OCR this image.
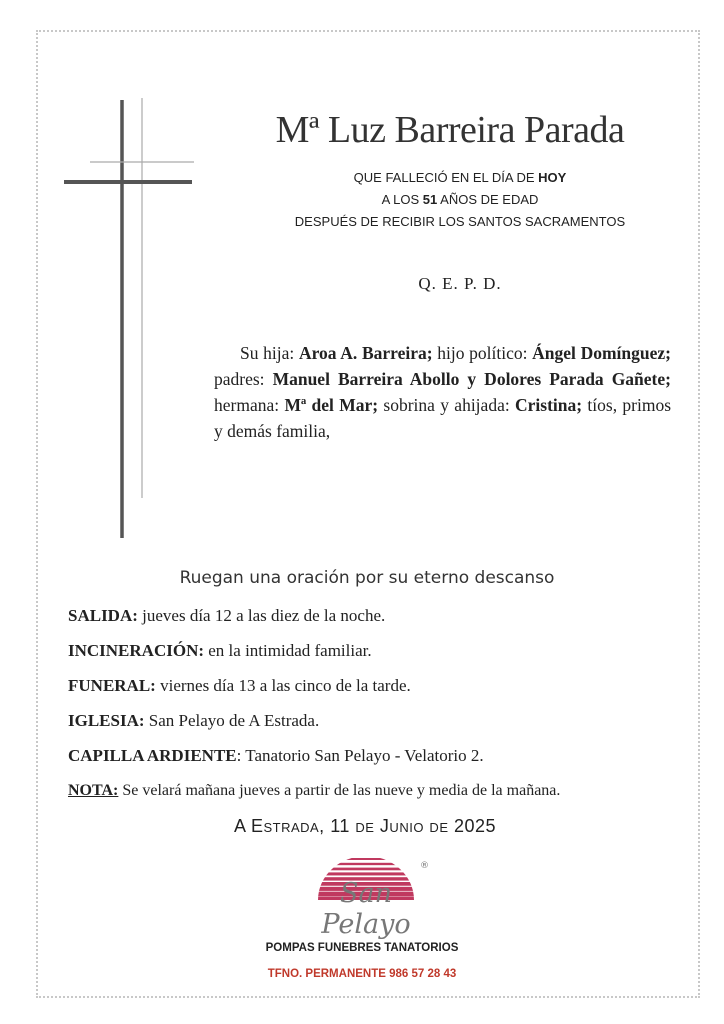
Mª Luz Barreira Parada
QUE FALLECIÓ EN EL DÍA DE HOY
A LOS 51 AÑOS DE EDAD
DESPUÉS DE RECIBIR LOS SANTOS SACRAMENTOS
Q. E. P. D.
Su hija: Aroa A. Barreira; hijo político: Ángel Domínguez; padres: Manuel Barreira Abollo y Dolores Parada Gañete; hermana: Mª del Mar; sobrina y ahijada: Cristina; tíos, primos y demás familia,
Ruegan una oración por su eterno descanso
SALIDA: jueves día 12 a las diez de la noche.
INCINERACIÓN: en la intimidad familiar.
FUNERAL: viernes día 13 a las cinco de la tarde.
IGLESIA: San Pelayo de A Estrada.
CAPILLA ARDIENTE: Tanatorio San Pelayo - Velatorio 2.
NOTA: Se velará mañana jueves a partir de las nueve y media de la mañana.
A Estrada, 11 de Junio de 2025
®
San Pelayo
POMPAS FUNEBRES TANATORIOS
TFNO. PERMANENTE 986 57 28 43
